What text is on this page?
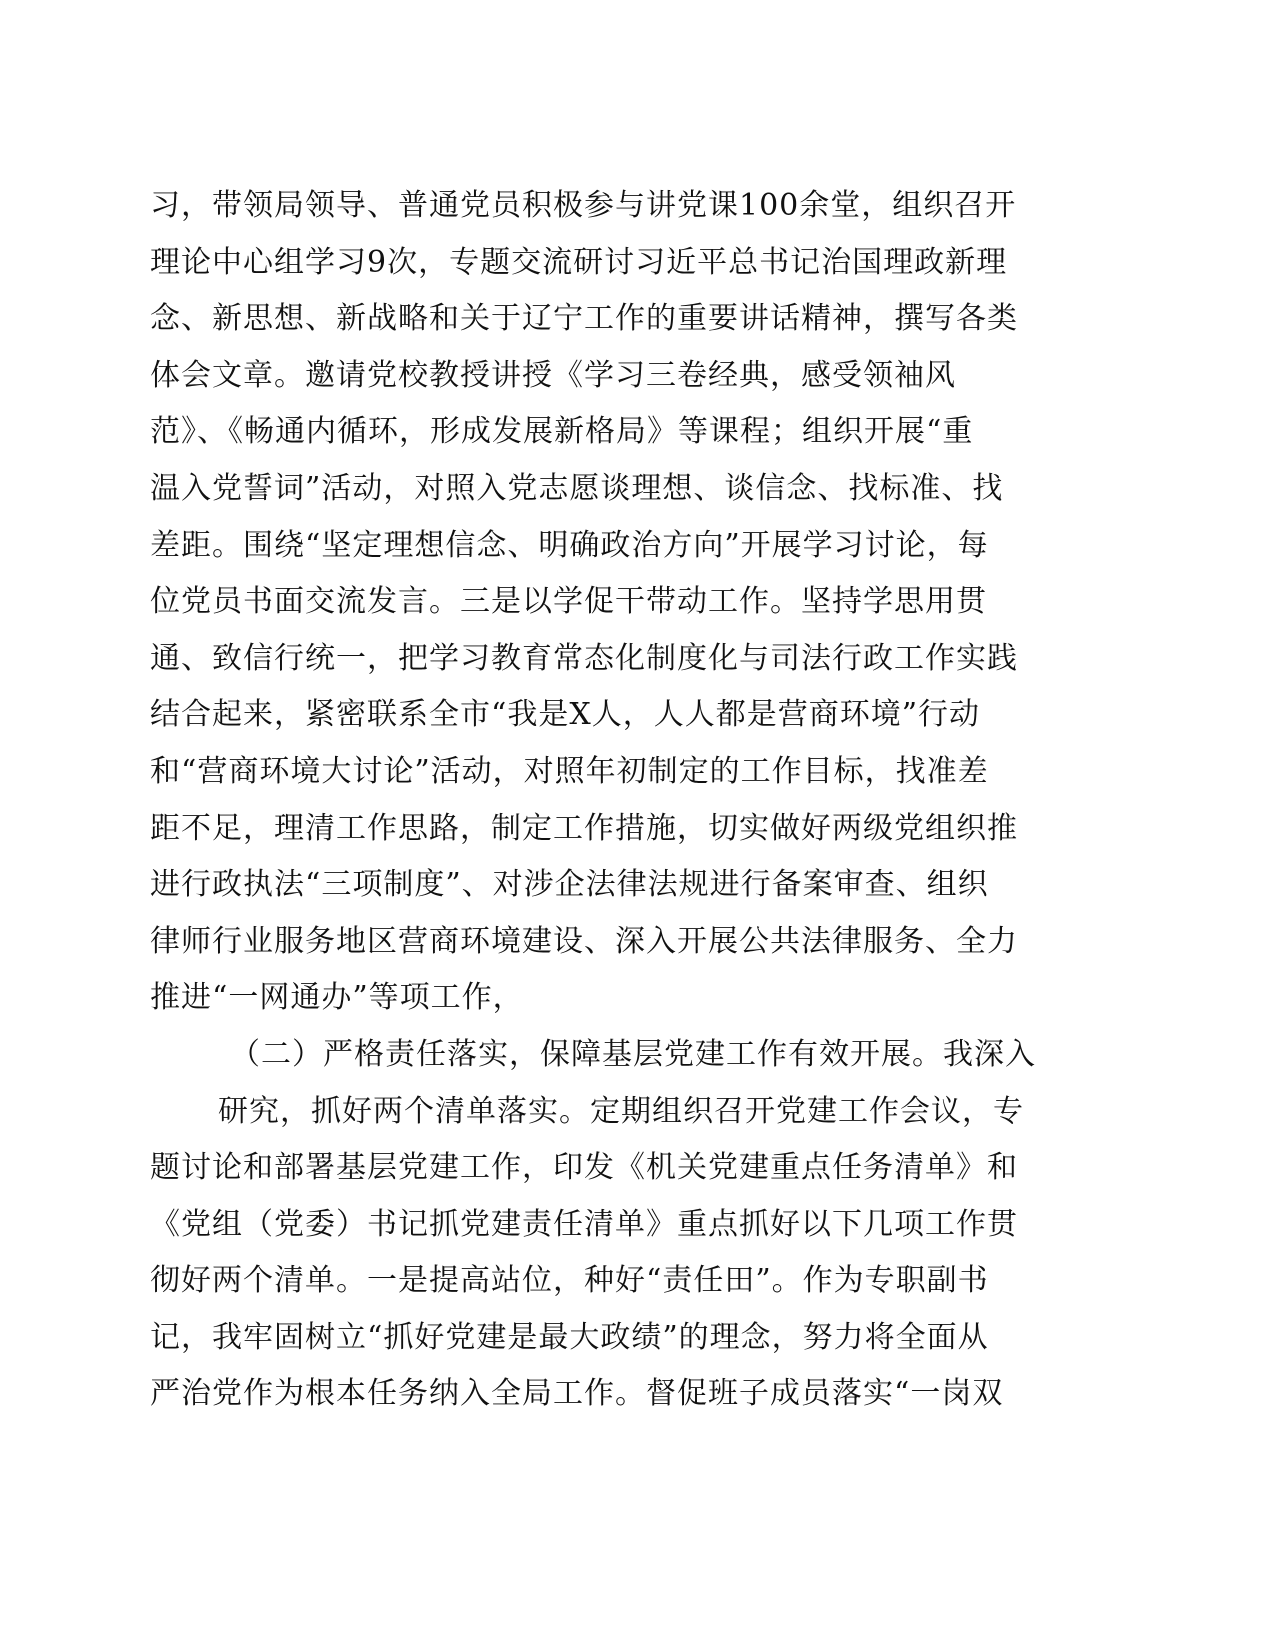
习，带领局领导、普通党员积极参与讲党课100余堂，组织召开
理论中心组学习9次，专题交流研讨习近平总书记治国理政新理
念、新思想、新战略和关于辽宁工作的重要讲话精神，撰写各类
体会文章。邀请党校教授讲授《学习三卷经典，感受领袖风
范》、《畅通内循环，形成发展新格局》等课程；组织开展“重
温入党誓词”活动，对照入党志愿谈理想、谈信念、找标准、找
差距。围绕“坚定理想信念、明确政治方向”开展学习讨论，每
位党员书面交流发言。三是以学促干带动工作。坚持学思用贯
通、致信行统一，把学习教育常态化制度化与司法行政工作实践
结合起来，紧密联系全市“我是X人，人人都是营商环境”行动
和“营商环境大讨论”活动，对照年初制定的工作目标，找准差
距不足，理清工作思路，制定工作措施，切实做好两级党组织推
进行政执法“三项制度”、对涉企法律法规进行备案审查、组织
律师行业服务地区营商环境建设、深入开展公共法律服务、全力
推进“一网通办”等项工作，
（二）严格责任落实，保障基层党建工作有效开展。我深入
研究，抓好两个清单落实。定期组织召开党建工作会议，专
题讨论和部署基层党建工作，印发《机关党建重点任务清单》和
《党组（党委）书记抓党建责任清单》重点抓好以下几项工作贯
彻好两个清单。一是提高站位，种好“责任田”。作为专职副书
记，我牢固树立“抓好党建是最大政绩”的理念，努力将全面从
严治党作为根本任务纳入全局工作。督促班子成员落实“一岗双
